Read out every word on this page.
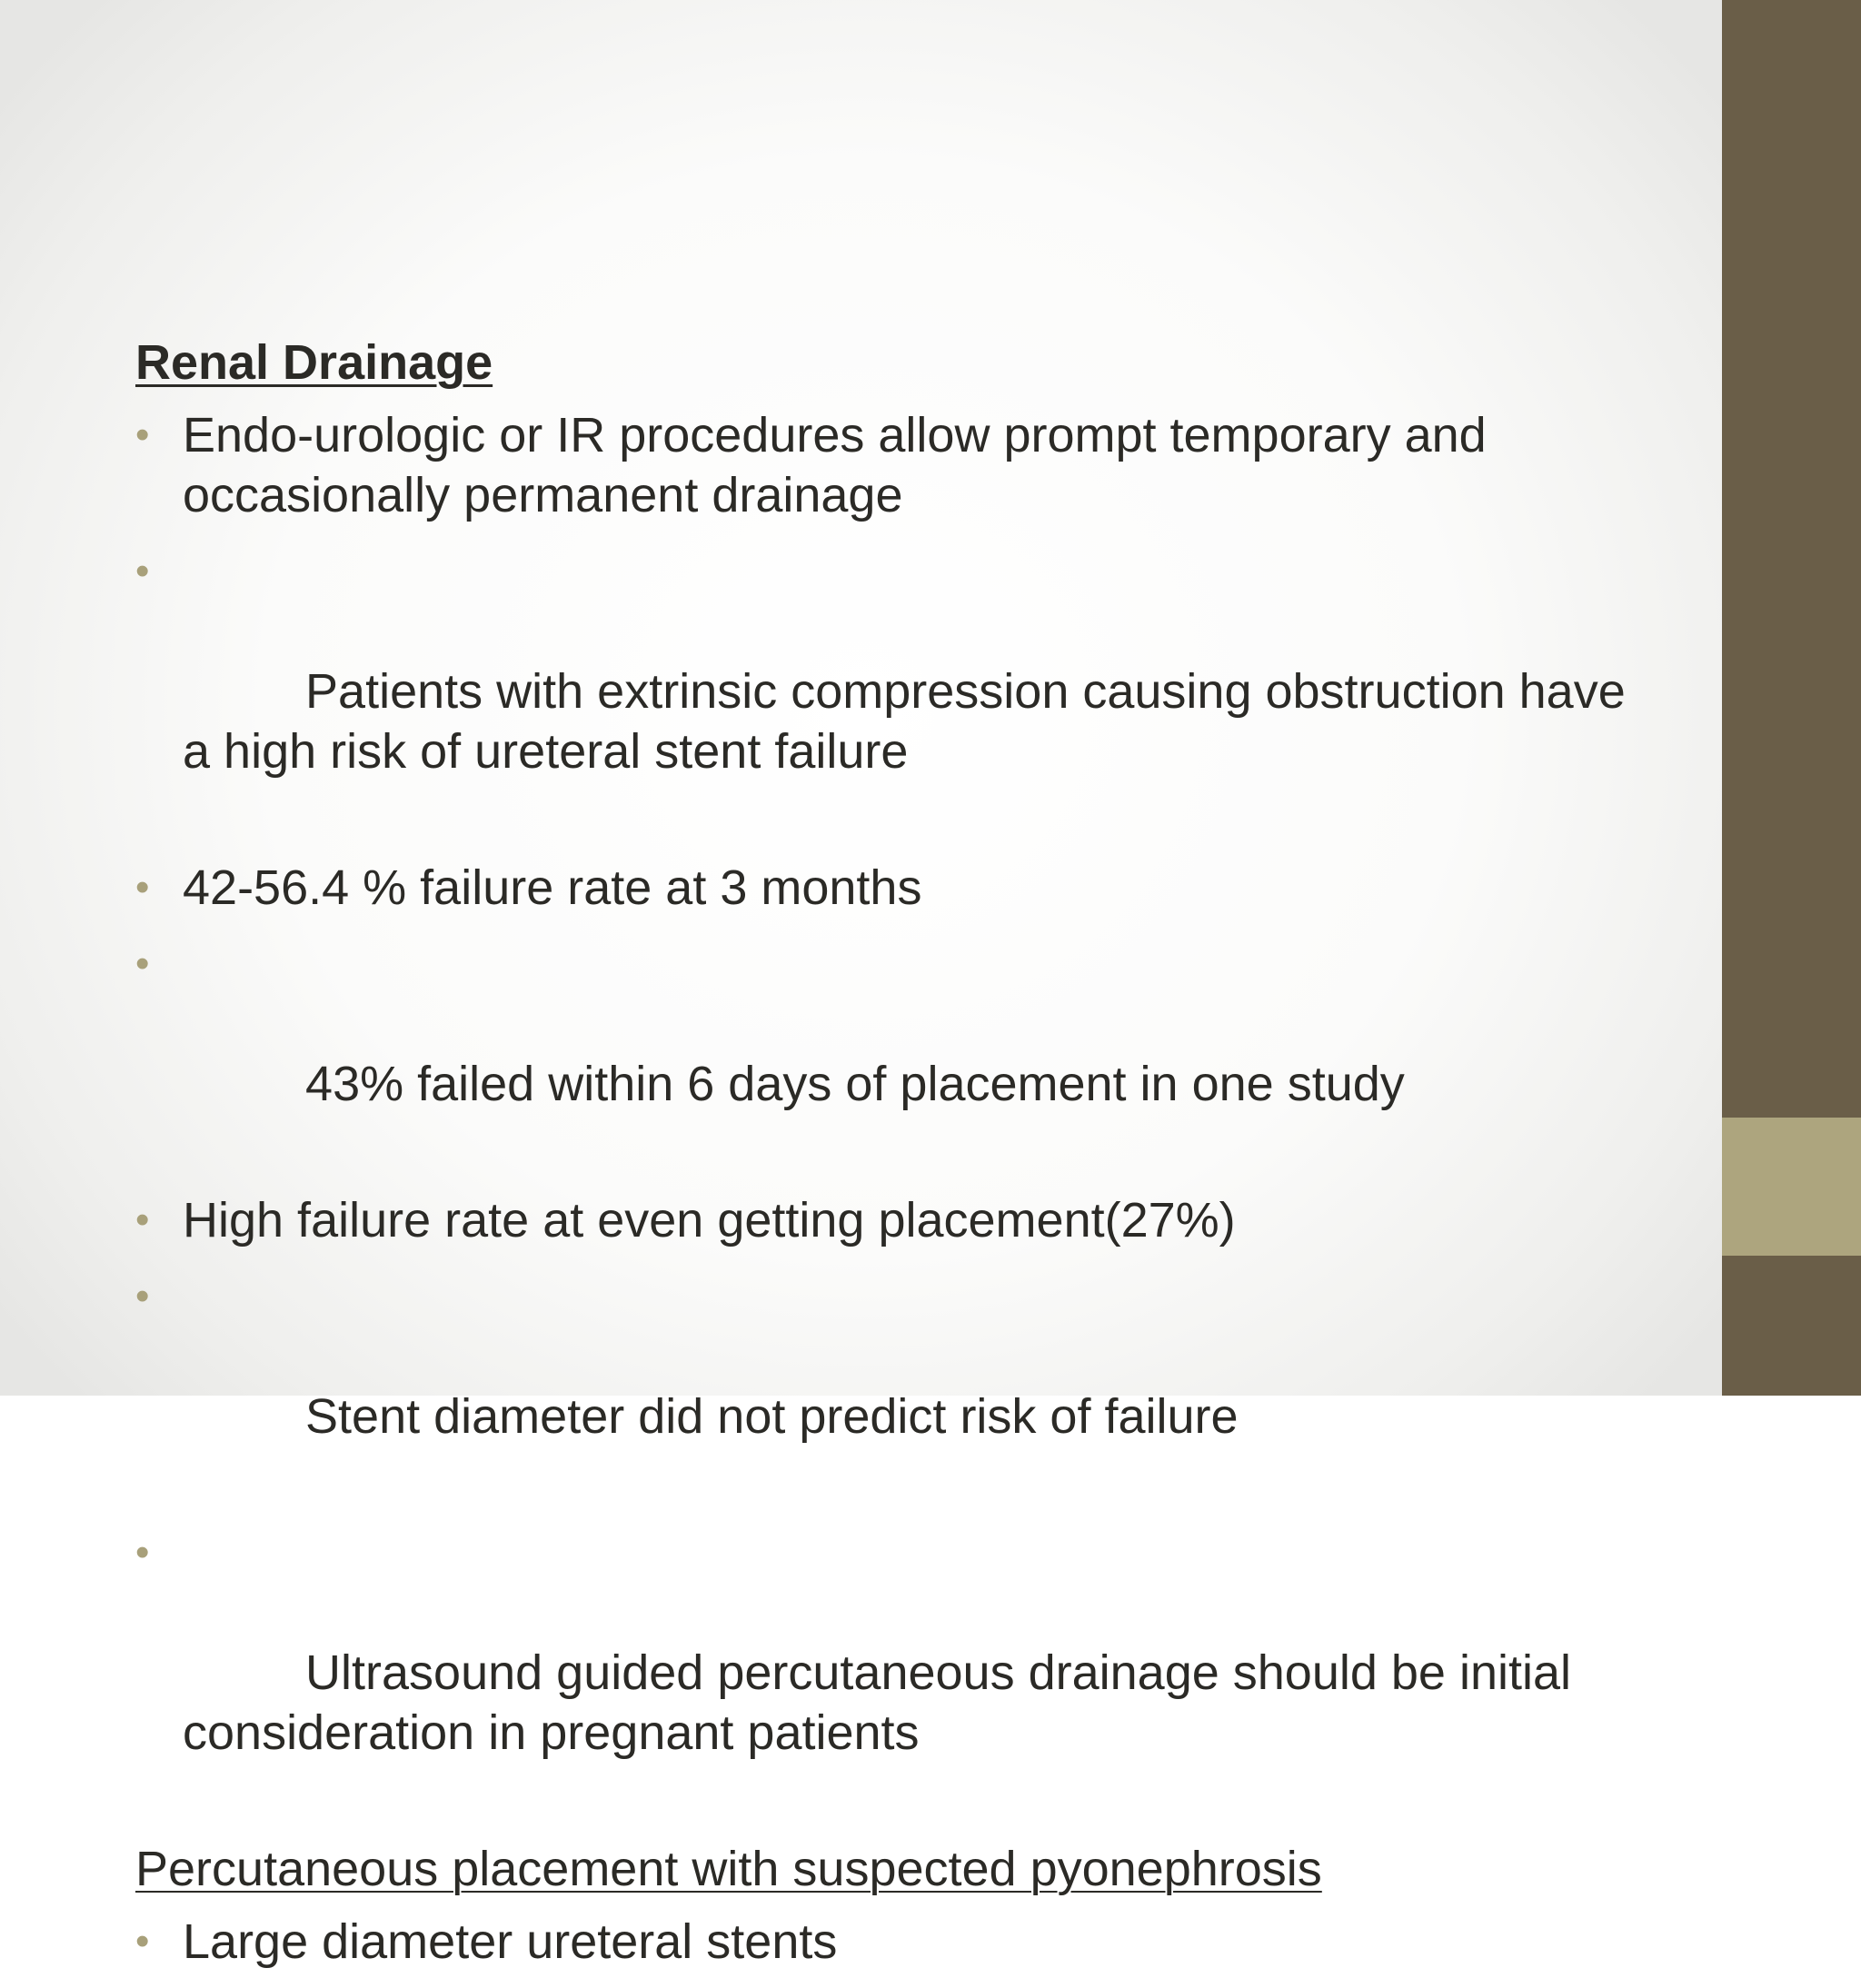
Renal Drainage
• Endo-urologic or IR procedures allow prompt temporary and occasionally permanent drainage

•

Patients with extrinsic compression causing obstruction have a high risk of ureteral stent failure

• 42-56.4 % failure rate at 3 months

•

43% failed within 6 days of placement in one study

• High failure rate at even getting placement(27%)

•

Stent diameter did not predict risk of failure

•

Ultrasound guided percutaneous drainage should be initial consideration in pregnant patients

Percutaneous placement with suspected pyonephrosis
• Large diameter ureteral stents
